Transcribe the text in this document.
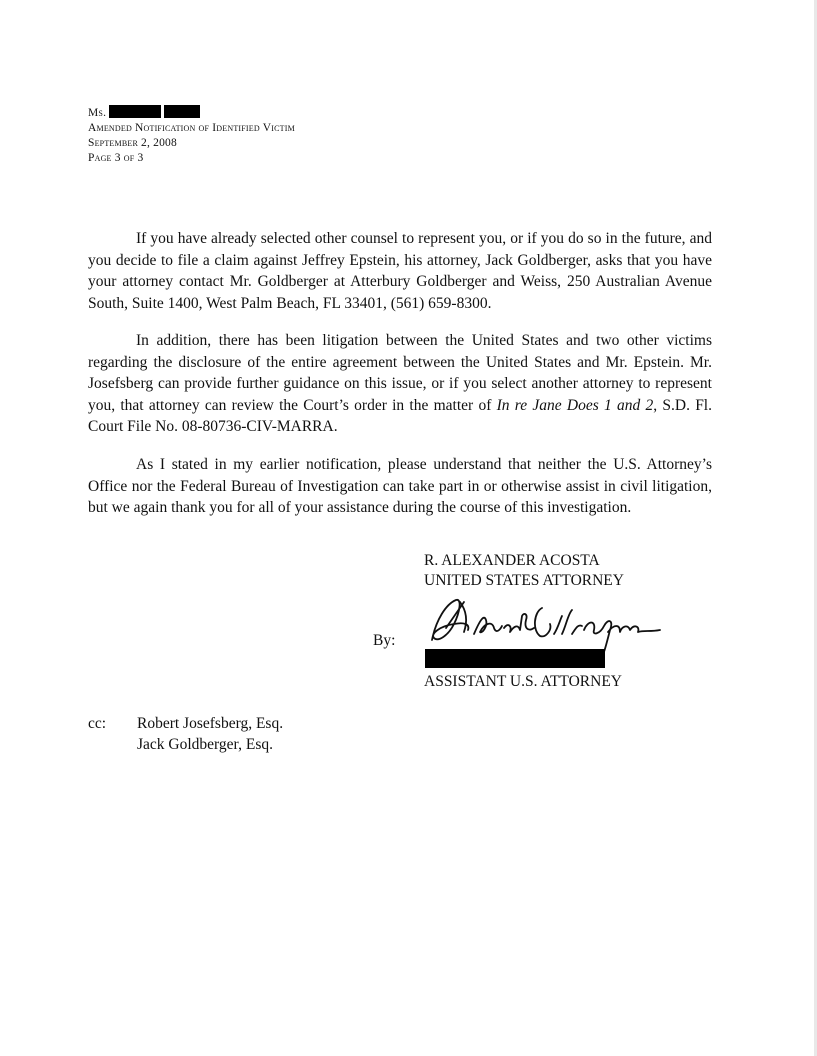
Ms.
Amended Notification of Identified Victim
September 2, 2008
Page 3 of 3

If you have already selected other counsel to represent you, or if you do so in the future, and you decide to file a claim against Jeffrey Epstein, his attorney, Jack Goldberger, asks that you have your attorney contact Mr. Goldberger at Atterbury Goldberger and Weiss, 250 Australian Avenue South, Suite 1400, West Palm Beach, FL 33401, (561) 659-8300.

In addition, there has been litigation between the United States and two other victims regarding the disclosure of the entire agreement between the United States and Mr. Epstein. Mr. Josefsberg can provide further guidance on this issue, or if you select another attorney to represent you, that attorney can review the Court’s order in the matter of In re Jane Does 1 and 2, S.D. Fl. Court File No. 08-80736-CIV-MARRA.

As I stated in my earlier notification, please understand that neither the U.S. Attorney’s Office nor the Federal Bureau of Investigation can take part in or otherwise assist in civil litigation, but we again thank you for all of your assistance during the course of this investigation.

R. ALEXANDER ACOSTA
UNITED STATES ATTORNEY
By:
ASSISTANT U.S. ATTORNEY
cc: Robert Josefsberg, Esq.
Jack Goldberger, Esq.
